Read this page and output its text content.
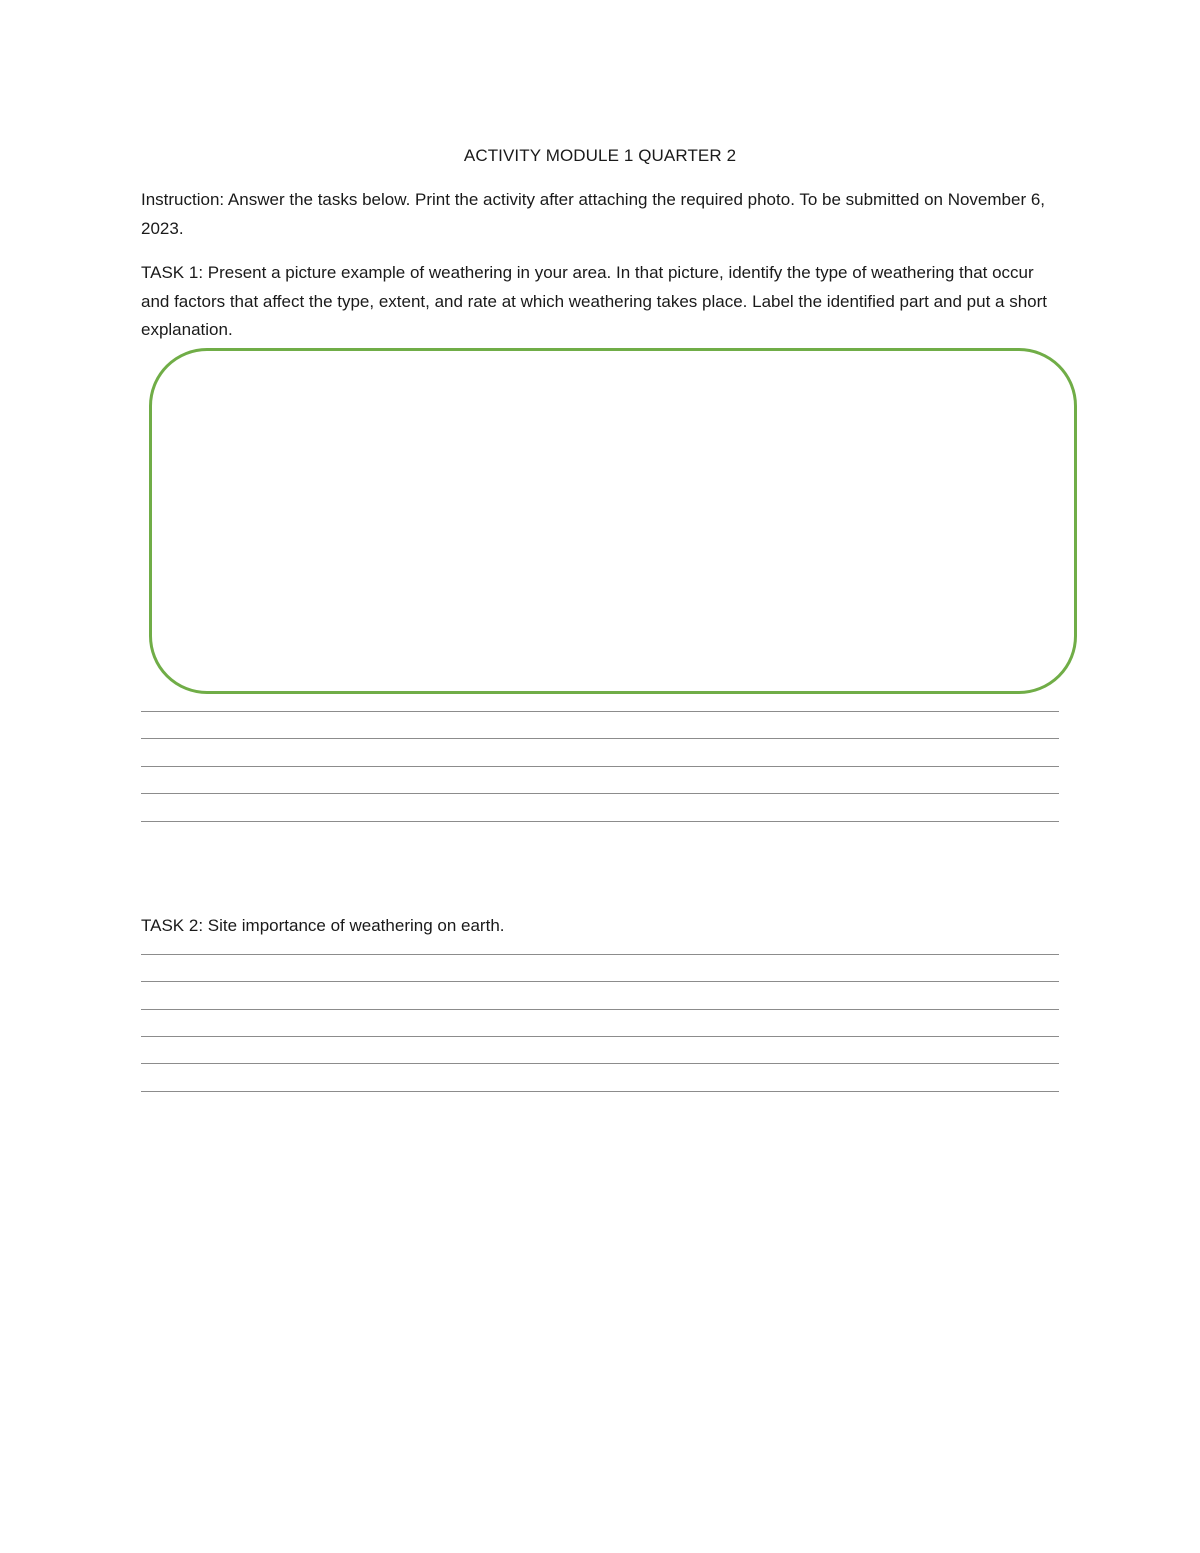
ACTIVITY MODULE 1 QUARTER 2

Instruction: Answer the tasks below. Print the activity after attaching the required photo. To be submitted on November 6, 2023.

TASK 1: Present a picture example of weathering in your area. In that picture, identify the type of weathering that occur and factors that affect the type, extent, and rate at which weathering takes place. Label the identified part and put a short explanation.

TASK 2: Site importance of weathering on earth.
